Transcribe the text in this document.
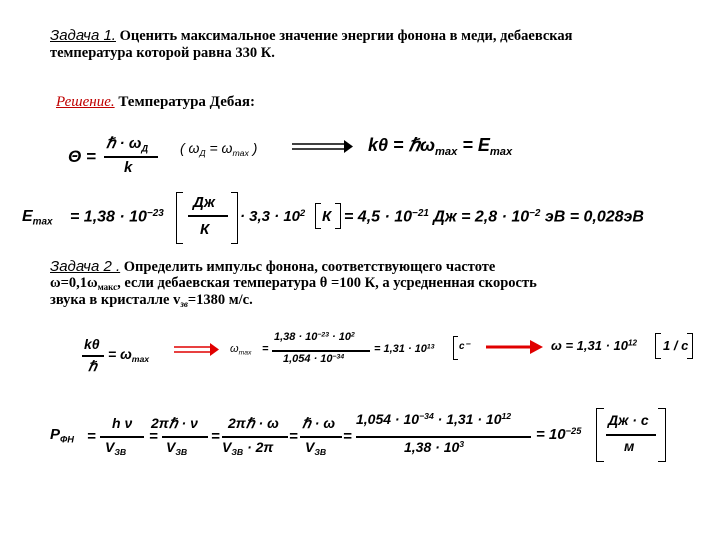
Задача 1. Оценить максимальное значение энергии фонона в меди, дебаевская
температура которой равна 330 К.
Решение. Температура Дебая:
Θ =
ℏ · $\omega_Д$
k
( $\omega_Д = \omega_{max}$ )	kθ = ℏω$_{max}$ = $E_{max}$
$E_{max} = 1,38 \cdot 10^{-23}$
Дж
К
· $3,3 \cdot 10^2$ $К = 4,5 \cdot 10^{-21}$ Дж = $2,8 \cdot 10^{-2}$ эВ = 0,028эВ
Задача 2 . Определить импульс фонона, соответствующего частоте
$\omega=0,1\omega_{макс}$, если дебаевская температура θ =100 К, а усредненная скорость
звука в кристалле $v_{зв}=1380$ м/с.
kθ
ℏ
= $\omega_{max}$
$\omega_{max}$ =
$1,38 \cdot 10^{-23} \cdot 10^2$
$1,054 \cdot 10^{-34}$
= $1,31 \cdot 10^{13}$ с⁻	$\omega = 1,31 \cdot 10^{12}$ 1 / с
$P_{ФН}$ =
h ν
$V_{ЗВ}$
=
2πℏ · ν
$V_{ЗВ}$
=
2πℏ · ω
$V_{ЗВ} \cdot 2\pi$
=
ℏ · ω
$V_{ЗВ}$
=
$1,054 \cdot 10^{-34} \cdot 1,31 \cdot 10^{12}$
$1,38 \cdot 10^3$
= $10^{-25}$
Дж · с
м
